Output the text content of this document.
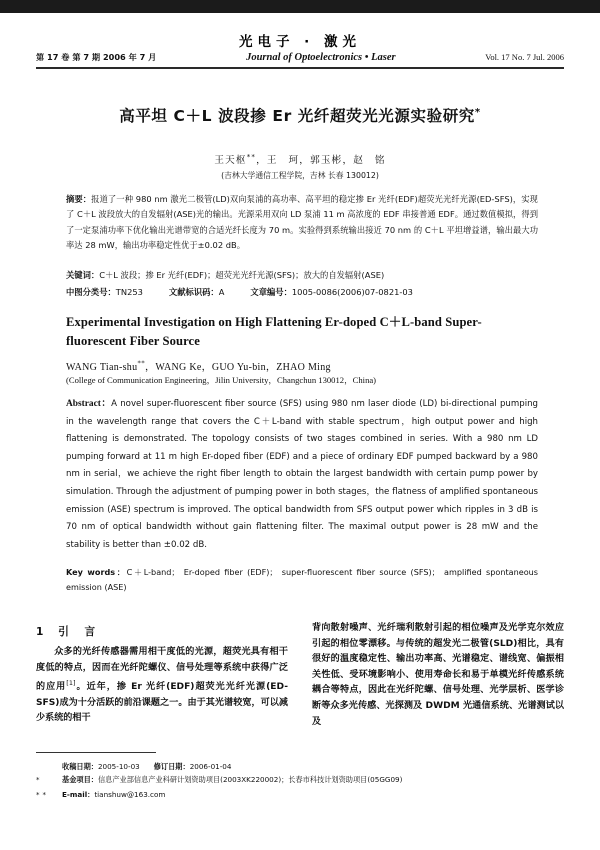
光电子 · 激光
第 17 卷 第 7 期 2006 年 7 月	Journal of Optoelectronics • Laser	Vol. 17 No. 7 Jul. 2006
高平坦 C＋L 波段掺 Er 光纤超荧光光源实验研究*
王天枢**，王　珂，郭玉彬，赵　铭
(吉林大学通信工程学院，吉林 长春 130012)
摘要：报道了一种 980 nm 激光二极管(LD)双向泵浦的高功率、高平坦的稳定掺 Er 光纤(EDF)超荧光光纤光源(ED-SFS)，实现了 C＋L 波段放大的自发辐射(ASE)光的输出。光源采用双向 LD 泵浦 11 m 高浓度的 EDF 串接普通 EDF。通过数值模拟，得到了一定泵浦功率下优化输出光谱带宽的合适光纤长度为 70 m。实验得到系统输出接近 70 nm 的 C＋L 平坦增益谱，输出最大功率达 28 mW，输出功率稳定性优于±0.02 dB。
关键词：C＋L 波段；掺 Er 光纤(EDF)；超荧光光纤光源(SFS)；放大的自发辐射(ASE)
中图分类号：TN253	文献标识码：A	文章编号：1005-0086(2006)07-0821-03
Experimental Investigation on High Flattening Er-doped C＋L-band Super-fluorescent Fiber Source
WANG Tian-shu**，WANG Ke，GUO Yu-bin，ZHAO Ming
(College of Communication Engineering，Jilin University，Changchun 130012，China)
Abstract：A novel super-fluorescent fiber source (SFS) using 980 nm laser diode (LD) bi-directional pumping in the wavelength range that covers the C＋L-band with stable spectrum，high output power and high flattening is demonstrated. The topology consists of two stages combined in series. With a 980 nm LD pumping forward at 11 m high Er-doped fiber (EDF) and a piece of ordinary EDF pumped backward by a 980 nm in serial，we achieve the right fiber length to obtain the largest bandwidth with certain pump power by simulation. Through the adjustment of pumping power in both stages，the flatness of amplified spontaneous emission (ASE) spectrum is improved. The optical bandwidth from SFS output power which ripples in 3 dB is 70 nm of optical bandwidth without gain flattening filter. The maximal output power is 28 mW and the stability is better than ±0.02 dB.
Key words：C＋L-band； Er-doped fiber (EDF)； super-fluorescent fiber source (SFS)； amplified spontaneous emission (ASE)
1 引　言

众多的光纤传感器需用相干度低的光源，超荧光具有相干度低的特点，因而在光纤陀螺仪、信号处理等系统中获得广泛的应用[1]。近年，掺 Er 光纤(EDF)超荧光光纤光源(ED-SFS)成为十分活跃的前沿课题之一。由于其光谱较宽，可以减少系统的相干

背向散射噪声、光纤瑞利散射引起的相位噪声及光学克尔效应引起的相位零漂移。与传统的超发光二极管(SLD)相比，具有很好的温度稳定性、输出功率高、光谱稳定、谱线宽、偏振相关性低、受环境影响小、使用寿命长和易于单模光纤传感系统耦合等特点，因此在光纤陀螺、信号处理、光学层析、医学诊断等众多光传感、光探测及 DWDM 光通信系统、光谱测试以及

收稿日期：2005-10-03 修订日期：2006-01-04
*	基金项目：信息产业部信息产业科研计划资助项目(2003XK220002)；长春市科技计划资助项目(05GG09)
**	E-mail：tianshuw@163.com
